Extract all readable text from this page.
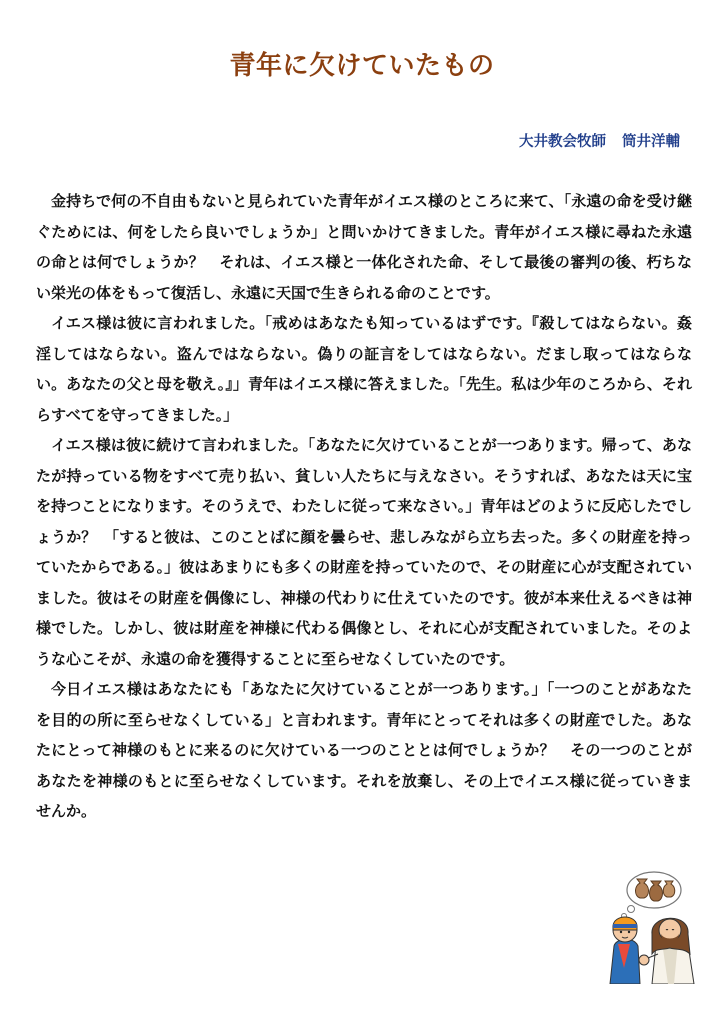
青年に欠けていたもの
大井教会牧師 筒井洋輔

金持ちで何の不自由もないと見られていた青年がイエス様のところに来て、「永遠の命を受け継ぐためには、何をしたら良いでしょうか」と問いかけてきました。青年がイエス様に尋ねた永遠の命とは何でしょうか？　それは、イエス様と一体化された命、そして最後の審判の後、朽ちない栄光の体をもって復活し、永遠に天国で生きられる命のことです。

イエス様は彼に言われました。「戒めはあなたも知っているはずです。『殺してはならない。姦淫してはならない。盗んではならない。偽りの証言をしてはならない。だまし取ってはならない。あなたの父と母を敬え。』」青年はイエス様に答えました。「先生。私は少年のころから、それらすべてを守ってきました。」

イエス様は彼に続けて言われました。「あなたに欠けていることが一つあります。帰って、あなたが持っている物をすべて売り払い、貧しい人たちに与えなさい。そうすれば、あなたは天に宝を持つことになります。そのうえで、わたしに従って来なさい。」青年はどのように反応したでしょうか？　「すると彼は、このことばに顔を曇らせ、悲しみながら立ち去った。多くの財産を持っていたからである。」彼はあまりにも多くの財産を持っていたので、その財産に心が支配されていました。彼はその財産を偶像にし、神様の代わりに仕えていたのです。彼が本来仕えるべきは神様でした。しかし、彼は財産を神様に代わる偶像とし、それに心が支配されていました。そのような心こそが、永遠の命を獲得することに至らせなくしていたのです。

今日イエス様はあなたにも「あなたに欠けていることが一つあります。」「一つのことがあなたを目的の所に至らせなくしている」と言われます。青年にとってそれは多くの財産でした。あなたにとって神様のもとに来るのに欠けている一つのこととは何でしょうか？　その一つのことがあなたを神様のもとに至らせなくしています。それを放棄し、その上でイエス様に従っていきませんか。
